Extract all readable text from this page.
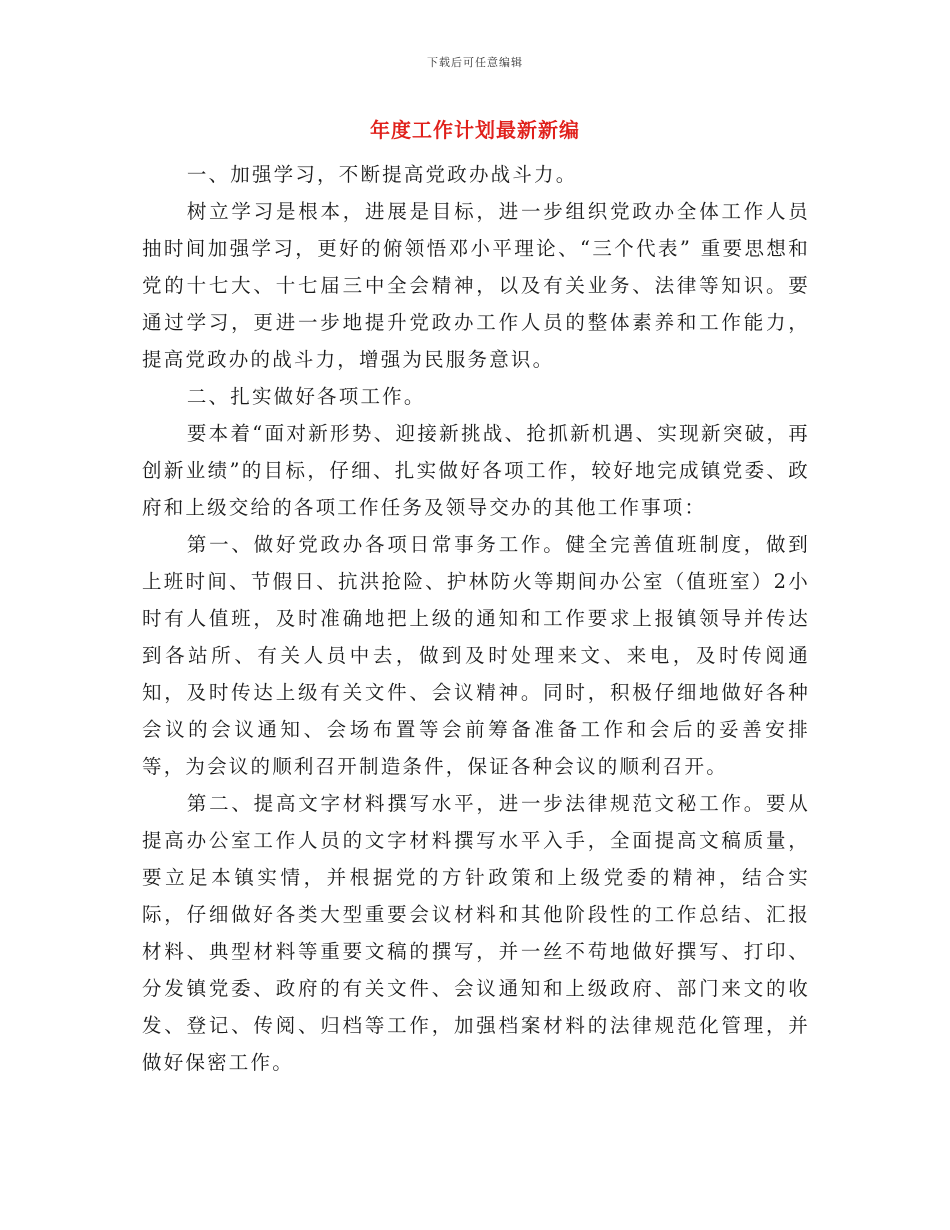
下载后可任意编辑
年度工作计划最新新编

一、加强学习，不断提高党政办战斗力。

树立学习是根本，进展是目标，进一步组织党政办全体工作人员抽时间加强学习，更好的俯领悟邓小平理论、“三个代表” 重要思想和党的十七大、十七届三中全会精神，以及有关业务、法律等知识。要通过学习，更进一步地提升党政办工作人员的整体素养和工作能力，提高党政办的战斗力，增强为民服务意识。

二、扎实做好各项工作。

要本着“面对新形势、迎接新挑战、抢抓新机遇、实现新突破，再创新业绩”的目标，仔细、扎实做好各项工作，较好地完成镇党委、政府和上级交给的各项工作任务及领导交办的其他工作事项：

第一、做好党政办各项日常事务工作。健全完善值班制度，做到上班时间、节假日、抗洪抢险、护林防火等期间办公室（值班室）2小时有人值班，及时准确地把上级的通知和工作要求上报镇领导并传达到各站所、有关人员中去，做到及时处理来文、来电，及时传阅通知，及时传达上级有关文件、会议精神。同时，积极仔细地做好各种会议的会议通知、会场布置等会前筹备准备工作和会后的妥善安排等，为会议的顺利召开制造条件，保证各种会议的顺利召开。

第二、提高文字材料撰写水平，进一步法律规范文秘工作。要从提高办公室工作人员的文字材料撰写水平入手，全面提高文稿质量，要立足本镇实情，并根据党的方针政策和上级党委的精神，结合实际，仔细做好各类大型重要会议材料和其他阶段性的工作总结、汇报材料、典型材料等重要文稿的撰写，并一丝不苟地做好撰写、打印、分发镇党委、政府的有关文件、会议通知和上级政府、部门来文的收发、登记、传阅、归档等工作，加强档案材料的法律规范化管理，并做好保密工作。
